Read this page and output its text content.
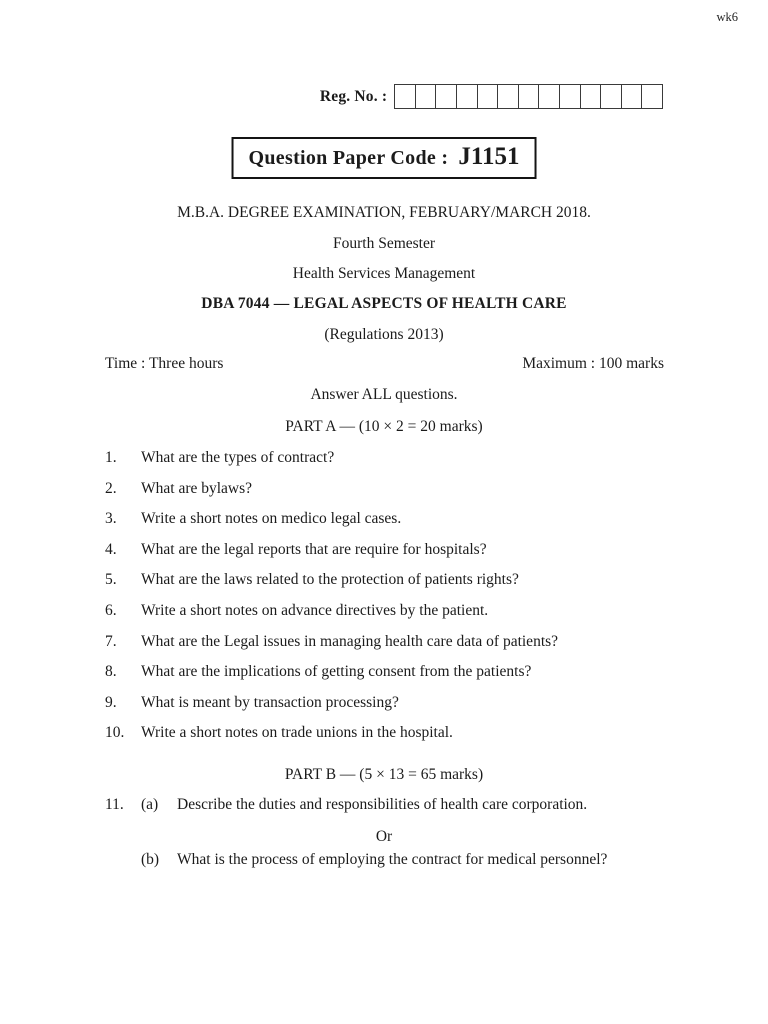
wk6
Reg. No. :
Question Paper Code : J1151
M.B.A. DEGREE EXAMINATION, FEBRUARY/MARCH 2018.
Fourth Semester
Health Services Management
DBA 7044 — LEGAL ASPECTS OF HEALTH CARE
(Regulations 2013)
Time : Three hours	Maximum : 100 marks
Answer ALL questions.
PART A — (10 × 2 = 20 marks)
1.	What are the types of contract?
2.	What are bylaws?
3.	Write a short notes on medico legal cases.
4.	What are the legal reports that are require for hospitals?
5.	What are the laws related to the protection of patients rights?
6.	Write a short notes on advance directives by the patient.
7.	What are the Legal issues in managing health care data of patients?
8.	What are the implications of getting consent from the patients?
9.	What is meant by transaction processing?
10.	Write a short notes on trade unions in the hospital.
PART B — (5 × 13 = 65 marks)
11.	(a)	Describe the duties and responsibilities of health care corporation.
Or
(b)	What is the process of employing the contract for medical personnel?
